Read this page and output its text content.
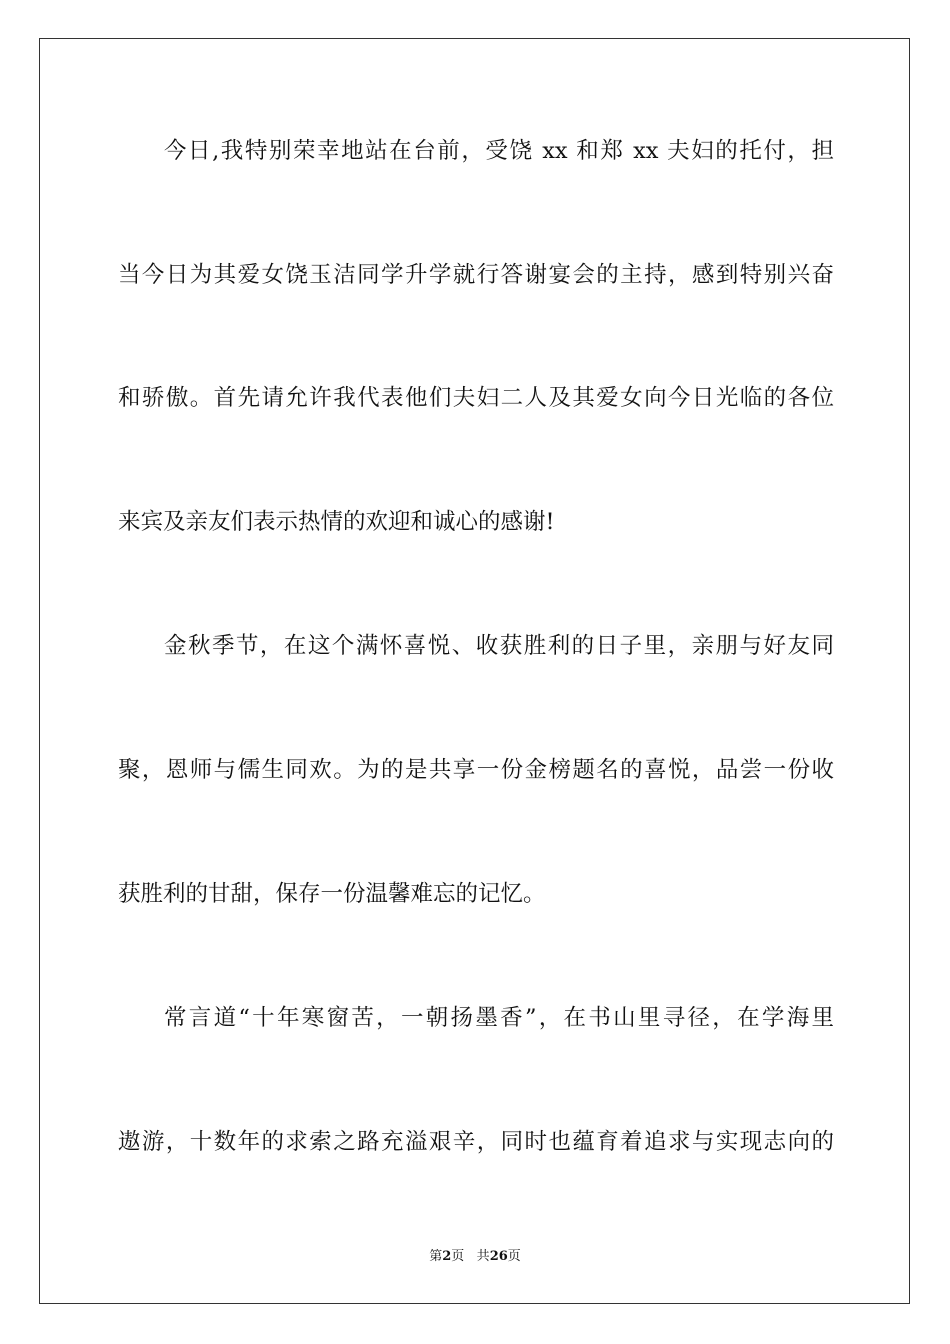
今日,我特别荣幸地站在台前，受饶 xx 和郑 xx 夫妇的托付，担
当今日为其爱女饶玉洁同学升学就行答谢宴会的主持，感到特别兴奋
和骄傲。首先请允许我代表他们夫妇二人及其爱女向今日光临的各位
来宾及亲友们表示热情的欢迎和诚心的感谢!
金秋季节，在这个满怀喜悦、收获胜利的日子里，亲朋与好友同
聚，恩师与儒生同欢。为的是共享一份金榜题名的喜悦，品尝一份收
获胜利的甘甜，保存一份温馨难忘的记忆。
常言道“十年寒窗苦，一朝扬墨香”，在书山里寻径，在学海里
遨游，十数年的求索之路充溢艰辛，同时也蕴育着追求与实现志向的
第2页 共26页
